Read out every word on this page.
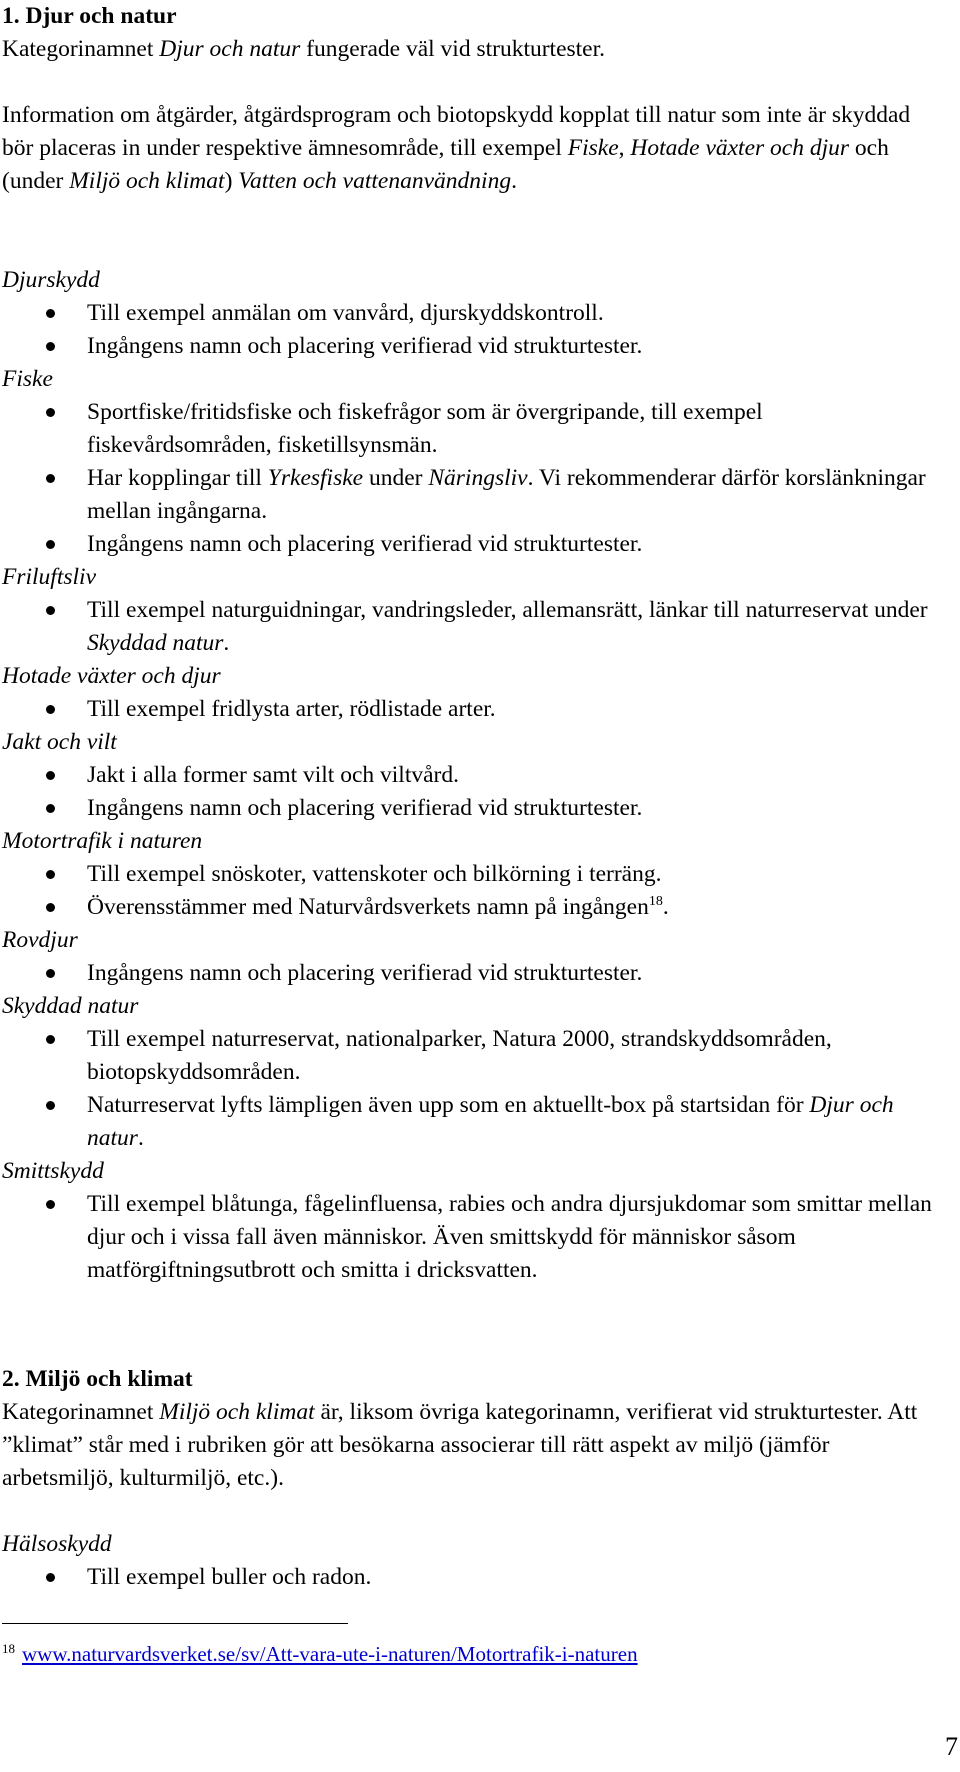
1. Djur och natur

Kategorinamnet Djur och natur fungerade väl vid strukturtester.

Information om åtgärder, åtgärdsprogram och biotopskydd kopplat till natur som inte är skyddad bör placeras in under respektive ämnesområde, till exempel Fiske, Hotade växter och djur och (under Miljö och klimat) Vatten och vattenanvändning.

Djurskydd

Till exempel anmälan om vanvård, djurskyddskontroll.
Ingångens namn och placering verifierad vid strukturtester.

Fiske

Sportfiske/fritidsfiske och fiskefrågor som är övergripande, till exempel fiskevårdsområden, fisketillsynsmän.
Har kopplingar till Yrkesfiske under Näringsliv. Vi rekommenderar därför korslänkningar mellan ingångarna.
Ingångens namn och placering verifierad vid strukturtester.

Friluftsliv

Till exempel naturguidningar, vandringsleder, allemansrätt, länkar till naturreservat under Skyddad natur.

Hotade växter och djur

Till exempel fridlysta arter, rödlistade arter.

Jakt och vilt

Jakt i alla former samt vilt och viltvård.
Ingångens namn och placering verifierad vid strukturtester.

Motortrafik i naturen

Till exempel snöskoter, vattenskoter och bilkörning i terräng.
Överensstämmer med Naturvårdsverkets namn på ingången$^{18}$.

Rovdjur

Ingångens namn och placering verifierad vid strukturtester.

Skyddad natur

Till exempel naturreservat, nationalparker, Natura 2000, strandskyddsområden, biotopskyddsområden.
Naturreservat lyfts lämpligen även upp som en aktuellt-box på startsidan för Djur och natur.

Smittskydd

Till exempel blåtunga, fågelinfluensa, rabies och andra djursjukdomar som smittar mellan djur och i vissa fall även människor. Även smittskydd för människor såsom matförgiftningsutbrott och smitta i dricksvatten.

2. Miljö och klimat

Kategorinamnet Miljö och klimat är, liksom övriga kategorinamn, verifierat vid strukturtester. Att ”klimat” står med i rubriken gör att besökarna associerar till rätt aspekt av miljö (jämför arbetsmiljö, kulturmiljö, etc.).

Hälsoskydd

Till exempel buller och radon.
$^{18}$ www.naturvardsverket.se/sv/Att-vara-ute-i-naturen/Motortrafik-i-naturen
7
